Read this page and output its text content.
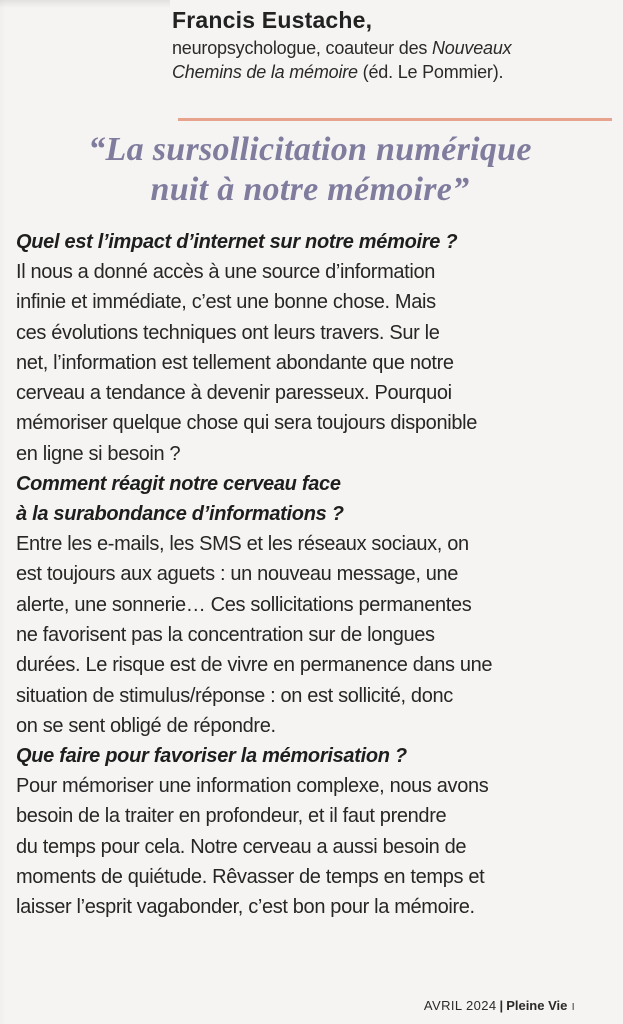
Francis Eustache,
neuropsychologue, coauteur des Nouveaux
Chemins de la mémoire (éd. Le Pommier).
“La sursollicitation numérique
nuit à notre mémoire”
Quel est l’impact d’internet sur notre mémoire ?
Il nous a donné accès à une source d’information
infinie et immédiate, c’est une bonne chose. Mais
ces évolutions techniques ont leurs travers. Sur le
net, l’information est tellement abondante que notre
cerveau a tendance à devenir paresseux. Pourquoi
mémoriser quelque chose qui sera toujours disponible
en ligne si besoin ?
Comment réagit notre cerveau face
à la surabondance d’informations ?
Entre les e-mails, les SMS et les réseaux sociaux, on
est toujours aux aguets : un nouveau message, une
alerte, une sonnerie… Ces sollicitations permanentes
ne favorisent pas la concentration sur de longues
durées. Le risque est de vivre en permanence dans une
situation de stimulus/réponse : on est sollicité, donc
on se sent obligé de répondre.
Que faire pour favoriser la mémorisation ?
Pour mémoriser une information complexe, nous avons
besoin de la traiter en profondeur, et il faut prendre
du temps pour cela. Notre cerveau a aussi besoin de
moments de quiétude. Rêvasser de temps en temps et
laisser l’esprit vagabonder, c’est bon pour la mémoire.
AVRIL 2024 | Pleine Vie ı
